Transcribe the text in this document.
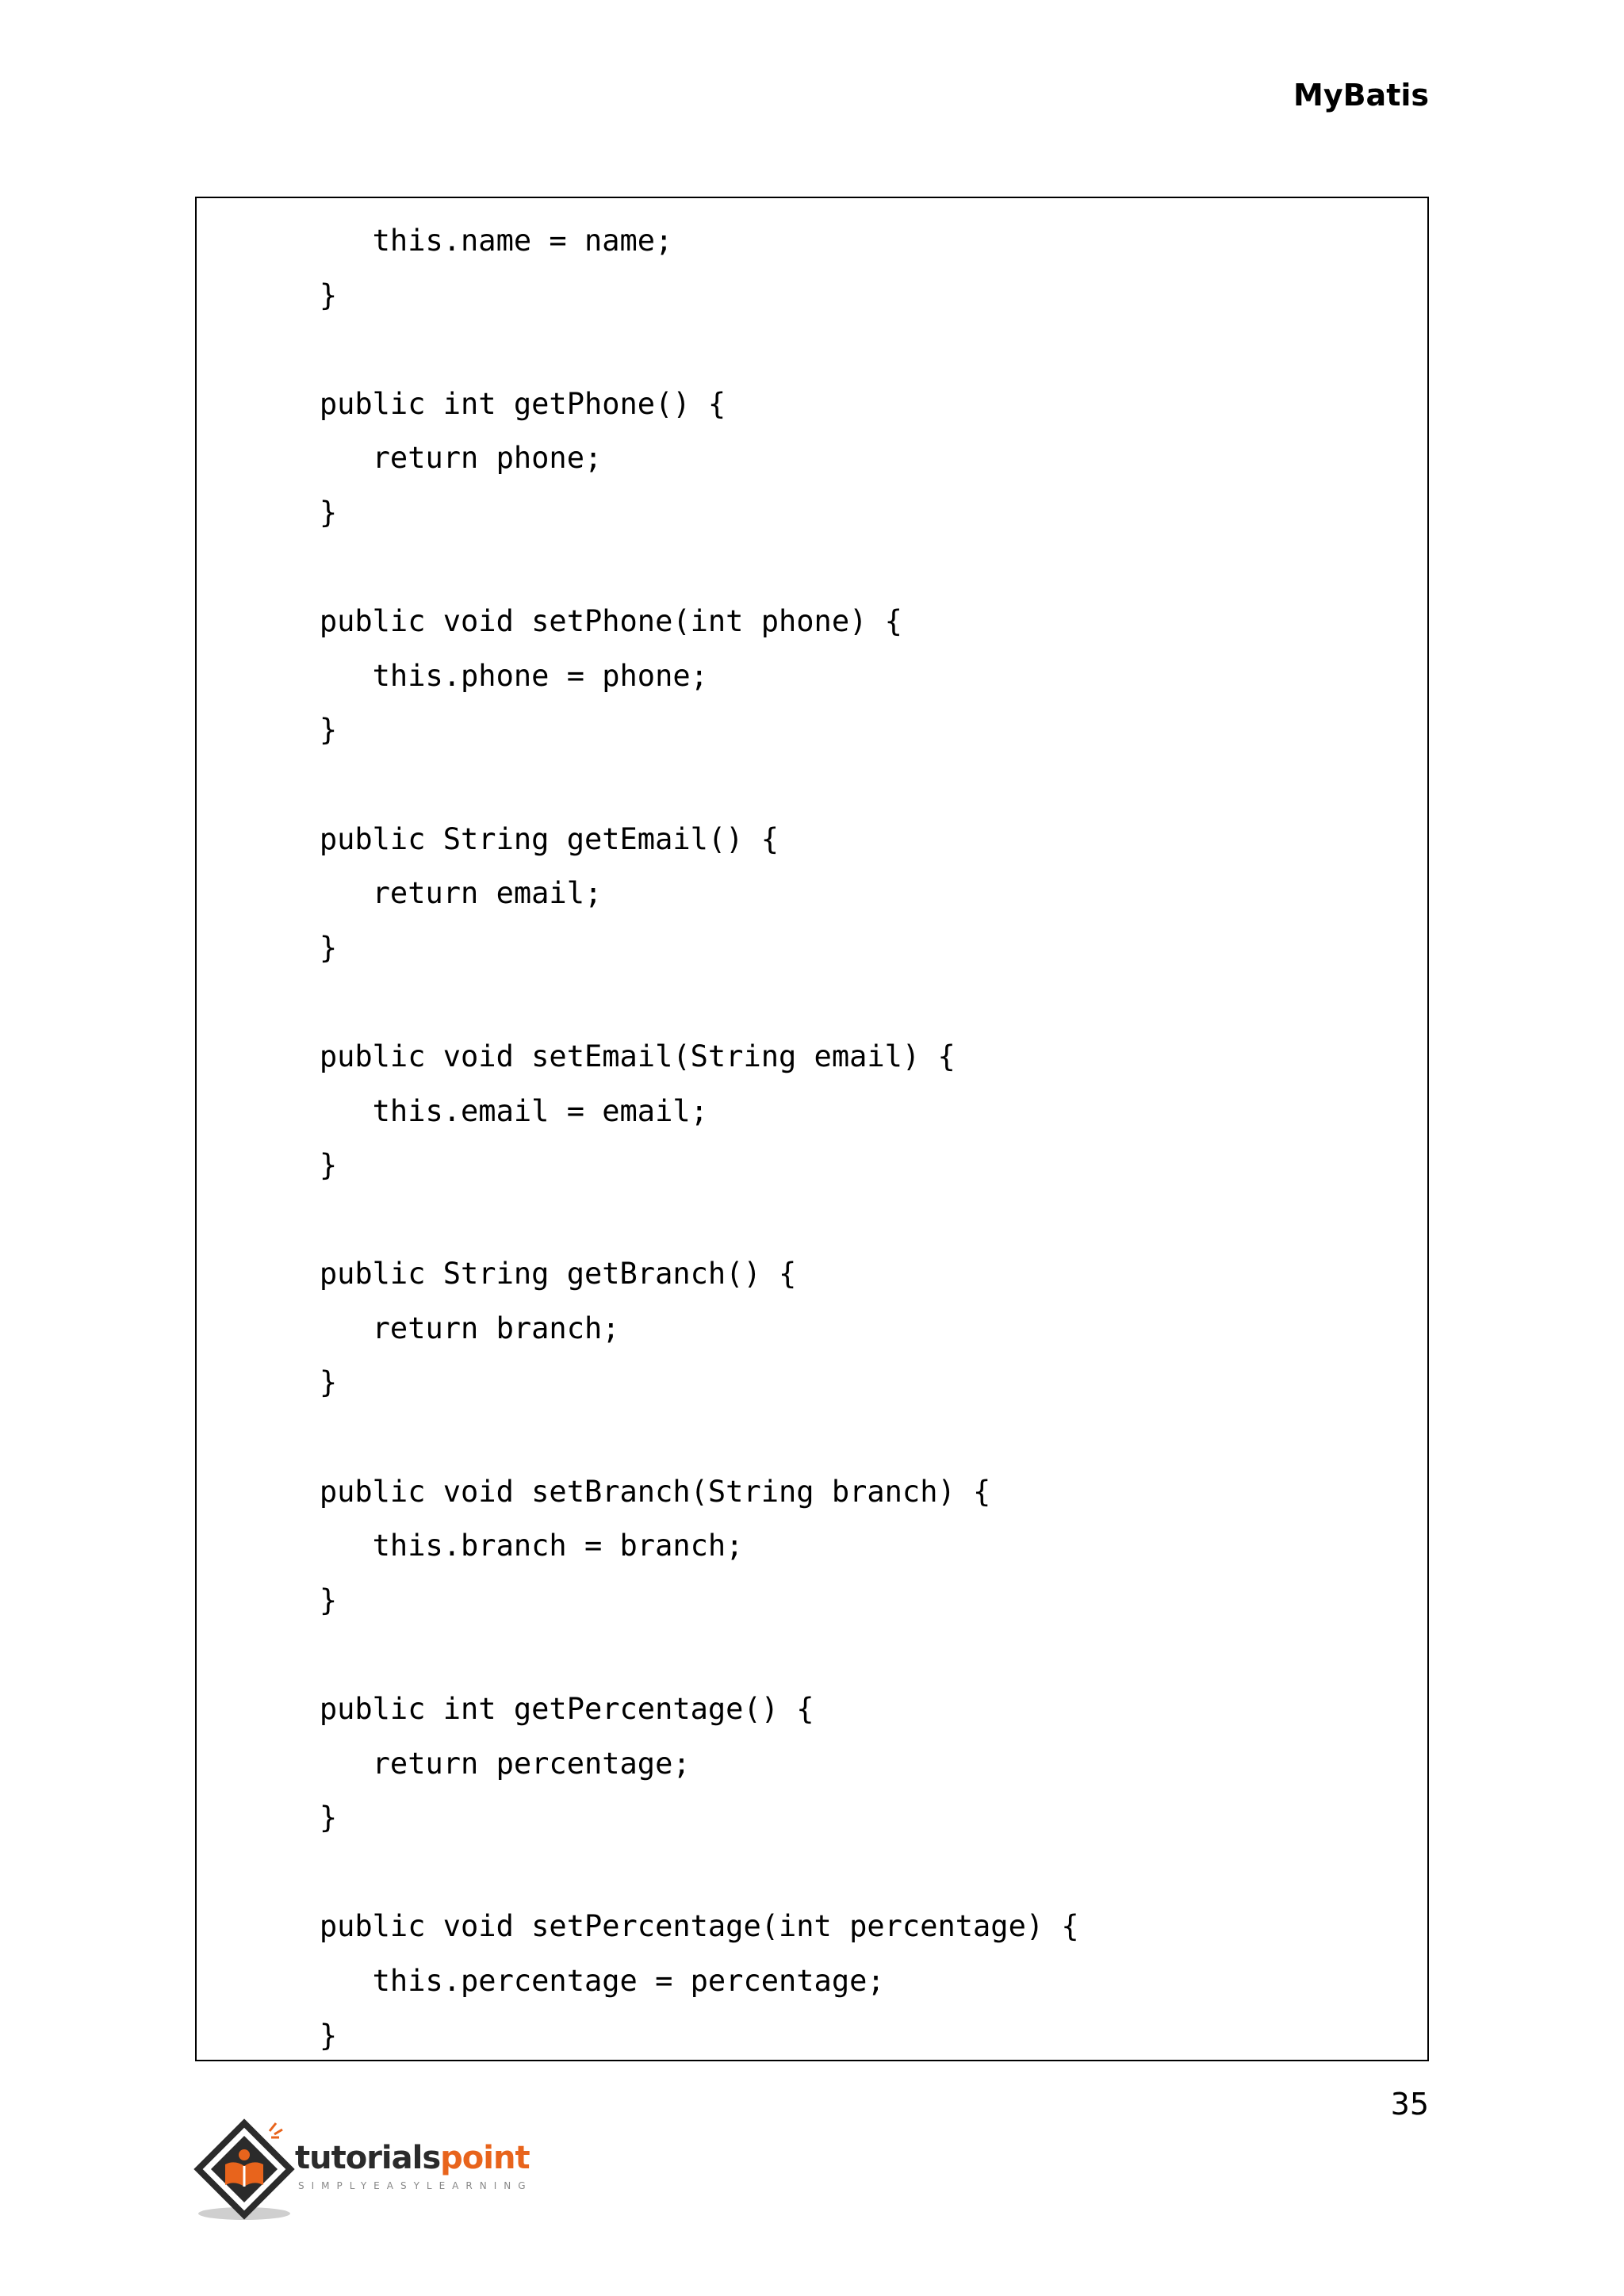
MyBatis
this.name = name;
}
public int getPhone() {
return phone;
}
public void setPhone(int phone) {
this.phone = phone;
}
public String getEmail() {
return email;
}
public void setEmail(String email) {
this.email = email;
}
public String getBranch() {
return branch;
}
public void setBranch(String branch) {
this.branch = branch;
}
public int getPercentage() {
return percentage;
}
public void setPercentage(int percentage) {
this.percentage = percentage;
}
35
tutorialspoint
SIMPLYEASYLEARNING
